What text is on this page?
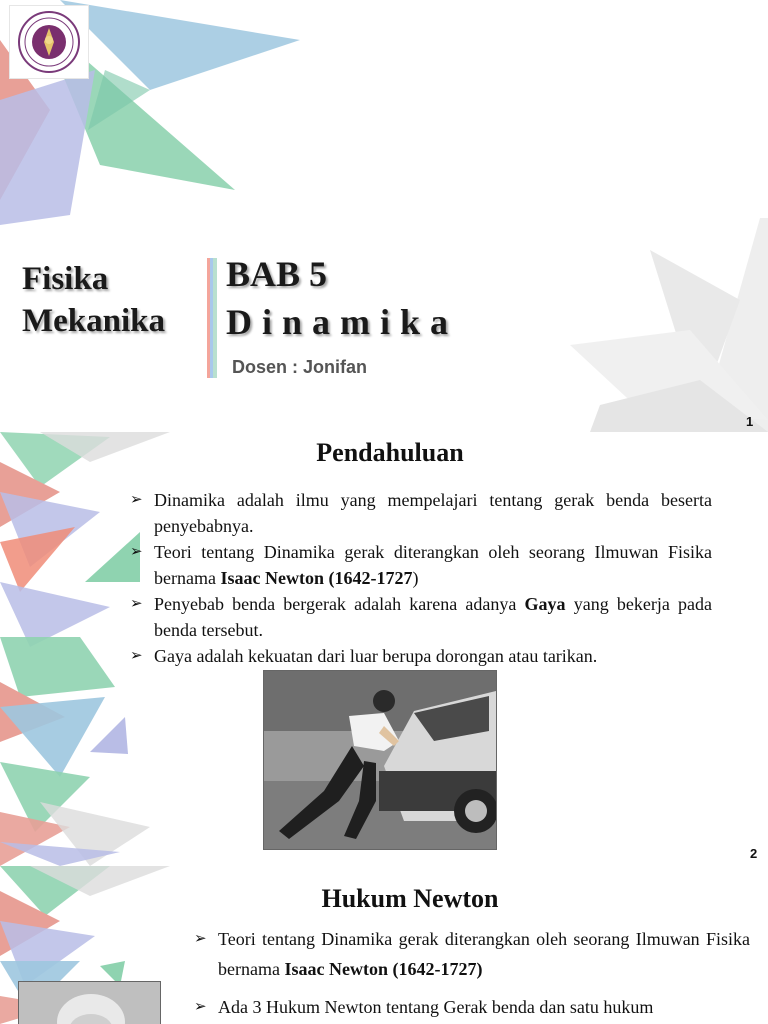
Fisika
Mekanika
BAB 5
Dinamika
Dosen : Jonifan
1
Pendahuluan
➢ Dinamika adalah ilmu yang mempelajari tentang gerak benda beserta penyebabnya.
➢ Teori tentang Dinamika gerak diterangkan oleh seorang Ilmuwan Fisika bernama Isaac Newton (1642-1727)
➢ Penyebab benda bergerak adalah karena adanya Gaya yang bekerja pada benda tersebut.
➢ Gaya adalah kekuatan dari luar berupa dorongan atau tarikan.
2
Hukum Newton
➢ Teori tentang Dinamika gerak diterangkan oleh seorang Ilmuwan Fisika bernama Isaac Newton (1642-1727)
➢ Ada 3 Hukum Newton tentang Gerak benda dan satu hukum
